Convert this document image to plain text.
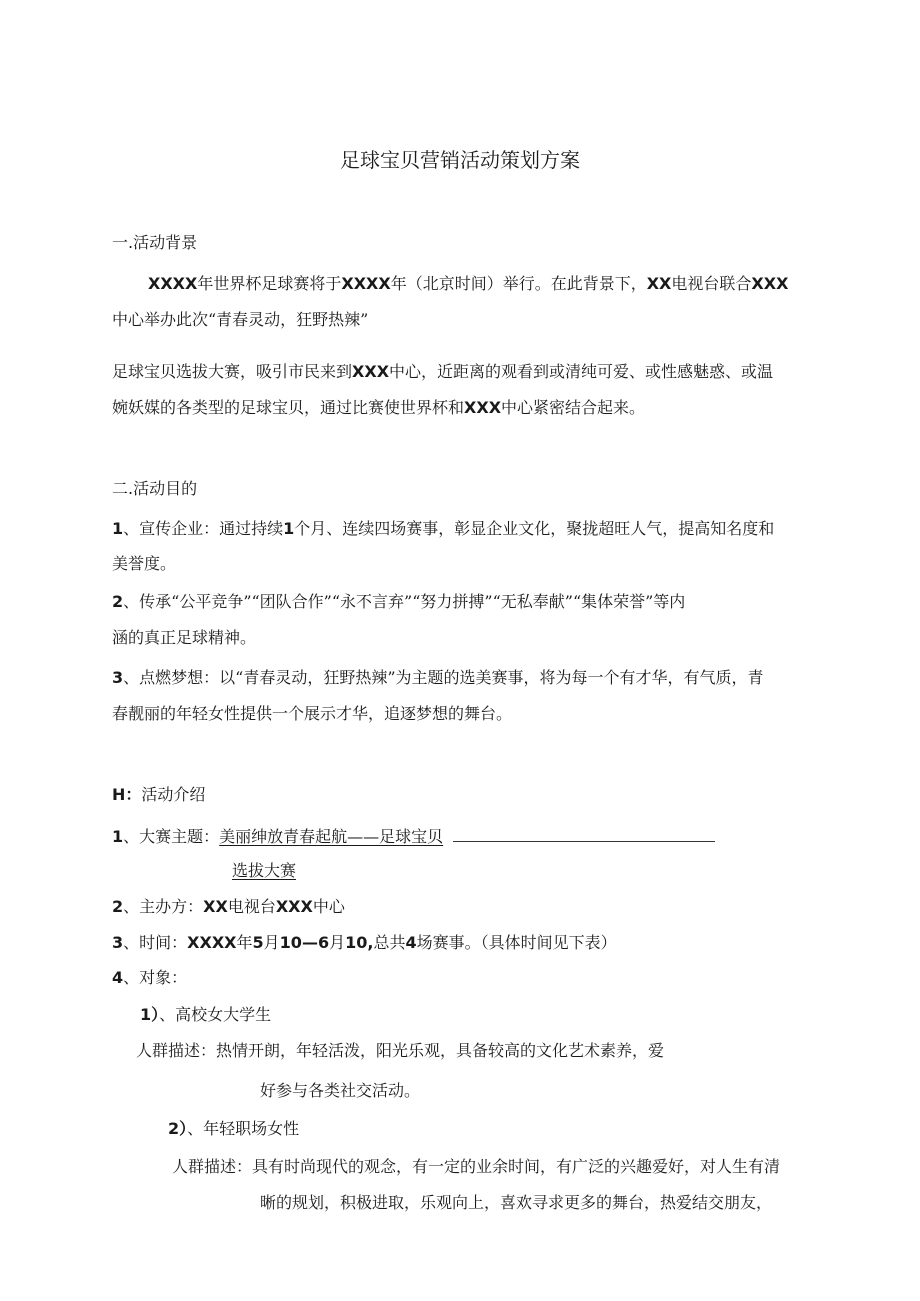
足球宝贝营销活动策划方案
一.活动背景
XXXX年世界杯足球赛将于XXXX年（北京时间）举行。在此背景下，XX电视台联合XXX
中心举办此次“青春灵动，狂野热辣”
足球宝贝选拔大赛，吸引市民来到XXX中心，近距离的观看到或清纯可爱、或性感魅惑、或温
婉妖媒的各类型的足球宝贝，通过比赛使世界杯和XXX中心紧密结合起来。
二.活动目的
1、宣传企业：通过持续1个月、连续四场赛事，彰显企业文化，聚拢超旺人气，提高知名度和
美誉度。
2、传承“公平竞争”“团队合作”“永不言弃”“努力拼搏”“无私奉献”“集体荣誉”等内
涵的真正足球精神。
3、点燃梦想：以“青春灵动，狂野热辣”为主题的选美赛事，将为每一个有才华，有气质，青
春靓丽的年轻女性提供一个展示才华，追逐梦想的舞台。
H：活动介绍
1、大赛主题：美丽绅放青春起航——足球宝贝
选拔大赛
2、主办方：XX电视台XXX中心
3、时间：XXXX年5月10—6月10,总共4场赛事。（具体时间见下表）
4、对象：
1）、高校女大学生
人群描述：热情开朗，年轻活泼，阳光乐观，具备较高的文化艺术素养，爱
好参与各类社交活动。
2）、年轻职场女性
人群描述：具有时尚现代的观念，有一定的业余时间，有广泛的兴趣爱好，对人生有清
晰的规划，积极进取，乐观向上，喜欢寻求更多的舞台，热爱结交朋友，
